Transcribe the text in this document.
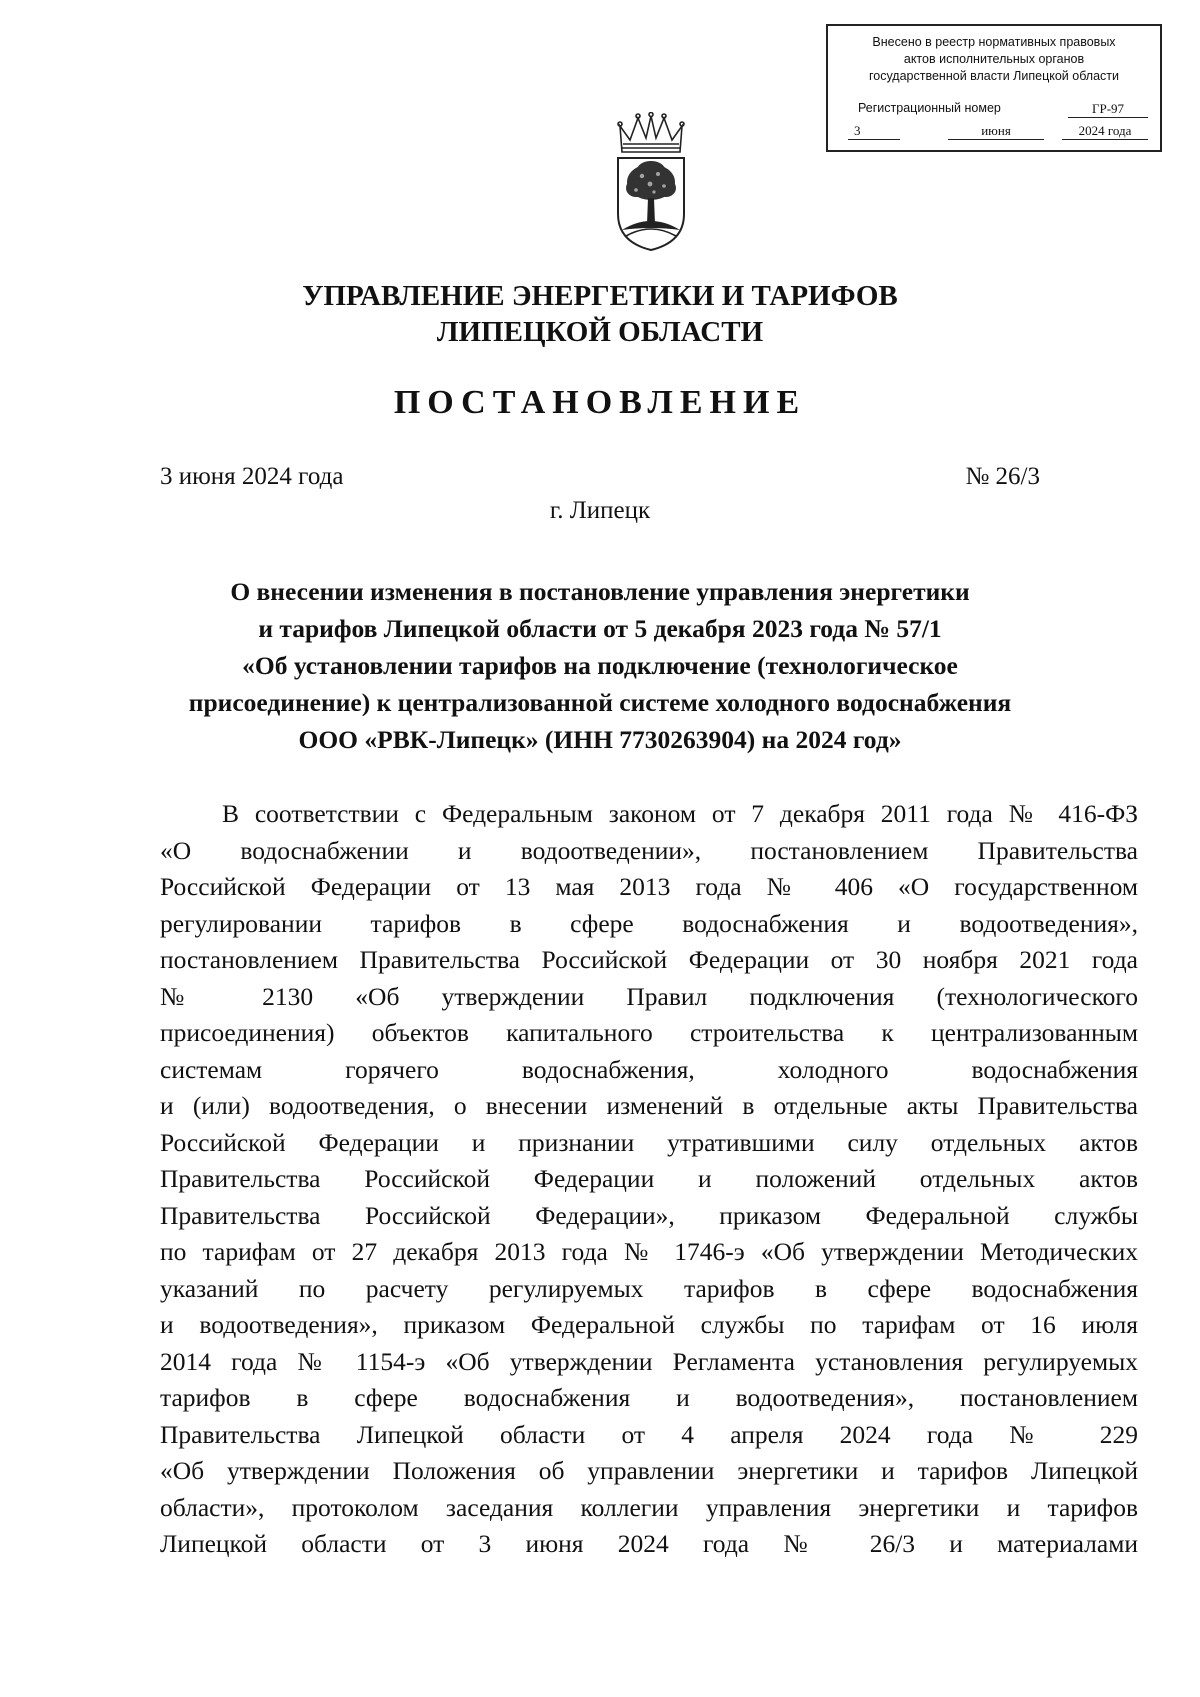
Внесено в реестр нормативных правовых
актов исполнительных органов
государственной власти Липецкой области
Регистрационный номер	ГР-97
3	июня	2024 года
УПРАВЛЕНИЕ ЭНЕРГЕТИКИ И ТАРИФОВ
ЛИПЕЦКОЙ ОБЛАСТИ
ПОСТАНОВЛЕНИЕ
3 июня 2024 года	№ 26/3
г. Липецк
О внесении изменения в постановление управления энергетики
и тарифов Липецкой области от 5 декабря 2023 года № 57/1
«Об установлении тарифов на подключение (технологическое
присоединение) к централизованной системе холодного водоснабжения
ООО «РВК-Липецк» (ИНН 7730263904) на 2024 год»
В соответствии с Федеральным законом от 7 декабря 2011 года № 416-ФЗ
«О водоснабжении и водоотведении», постановлением Правительства
Российской Федерации от 13 мая 2013 года № 406 «О государственном
регулировании тарифов в сфере водоснабжения и водоотведения»,
постановлением Правительства Российской Федерации от 30 ноября 2021 года
№ 2130 «Об утверждении Правил подключения (технологического
присоединения) объектов капитального строительства к централизованным
системам горячего водоснабжения, холодного водоснабжения
и (или) водоотведения, о внесении изменений в отдельные акты Правительства
Российской Федерации и признании утратившими силу отдельных актов
Правительства Российской Федерации и положений отдельных актов
Правительства Российской Федерации», приказом Федеральной службы
по тарифам от 27 декабря 2013 года № 1746-э «Об утверждении Методических
указаний по расчету регулируемых тарифов в сфере водоснабжения
и водоотведения», приказом Федеральной службы по тарифам от 16 июля
2014 года № 1154-э «Об утверждении Регламента установления регулируемых
тарифов в сфере водоснабжения и водоотведения», постановлением
Правительства Липецкой области от 4 апреля 2024 года № 229
«Об утверждении Положения об управлении энергетики и тарифов Липецкой
области», протоколом заседания коллегии управления энергетики и тарифов
Липецкой области от 3 июня 2024 года № 26/3 и материалами
